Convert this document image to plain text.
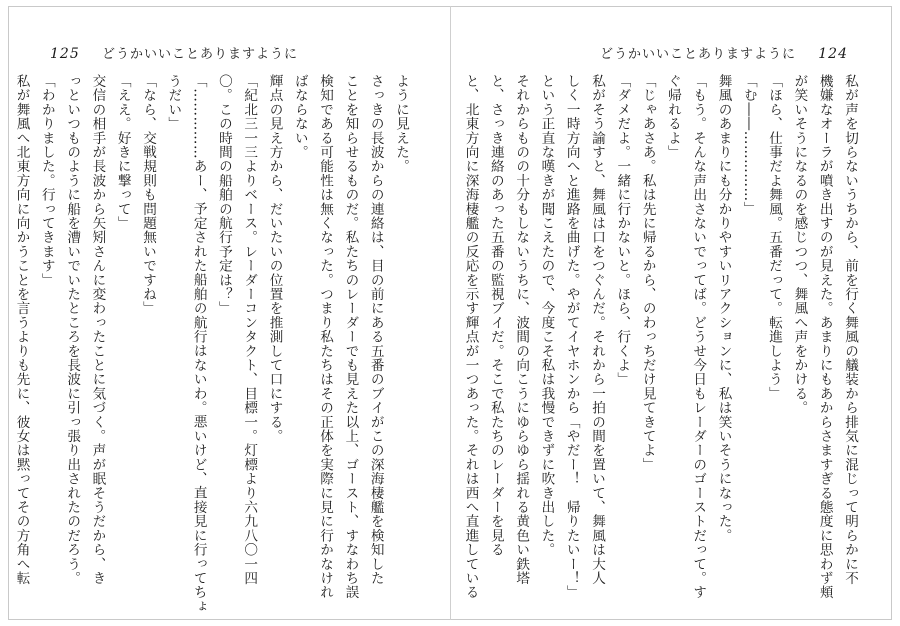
125 どうかいいことありますように
ように見えた。
さっきの長波からの連絡は、目の前にある五番のブイがこの深海棲艦を検知した
ことを知らせるものだ。私たちのレーダーでも見えた以上、ゴースト、すなわち誤
検知である可能性は無くなった。つまり私たちはその正体を実際に見に行かなけれ
ばならない。
輝点の見え方から、だいたいの位置を推測して口にする。
「紀北三一三よりベース。レーダーコンタクト、目標一。灯標より六九八〇一四
〇。この時間の船舶の航行予定は？」
「……………あー、予定された船舶の航行はないわ。悪いけど、直接見に行ってちょ
うだい」
「なら、交戦規則も問題無いですね」
「ええ。好きに撃って」
交信の相手が長波から矢矧さんに変わったことに気づく。声が眠そうだから、き
っといつものように船を漕いでいたところを長波に引っ張り出されたのだろう。
「わかりました。行ってきます」
私が舞風へ北東方向に向かうことを言うよりも先に、彼女は黙ってその方角へ転
どうかいいことありますように 124
私が声を切らないうちから、前を行く舞風の艤装から排気に混じって明らかに不
機嫌なオーラが噴き出すのが見えた。あまりにもあからさますぎる態度に思わず頬
が笑いそうになるのを感じつつ、舞風へ声をかける。
「ほら、仕事だよ舞風。五番だって。転進しよう」
「む――……………」
舞風のあまりにも分かりやすいリアクションに、私は笑いそうになった。
「もう。そんな声出さないでってば。どうせ今日もレーダーのゴーストだって。す
ぐ帰れるよ」
「じゃあさあ。私は先に帰るから、のわっちだけ見てきてよ」
「ダメだよ。一緒に行かないと。ほら、行くよ」
私がそう諭すと、舞風は口をつぐんだ。それから一拍の間を置いて、舞風は大人
しく一時方向へと進路を曲げた。やがてイヤホンから「やだー！　帰りたいー！」
という正直な嘆きが聞こえたので、今度こそ私は我慢できずに吹き出した。
それからものの十分もしないうちに、波間の向こうにゆらゆら揺れる黄色い鉄塔
と、さっき連絡のあった五番の監視ブイだ。そこで私たちのレーダーを見る
と、北東方向に深海棲艦の反応を示す輝点が一つあった。それは西へ直進している
